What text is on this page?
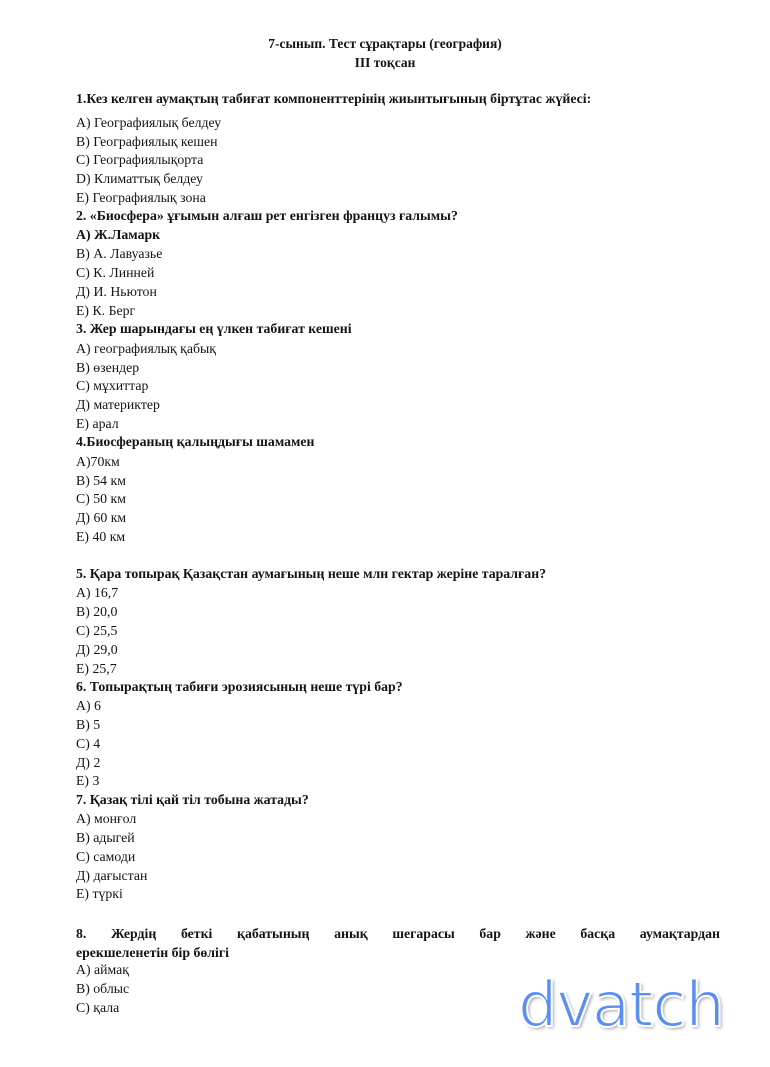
7-сынып. Тест сұрақтары (география)
ІІІ тоқсан
1.Кез келген аумақтың табиғат компоненттерінің жиынтығының біртұтас жүйесі:
А) Географиялық белдеу
В) Географиялық кешен
С) Географиялықорта
D) Климаттық белдеу
Е) Географиялық зона
2. «Биосфера» ұғымын алғаш рет енгізген француз ғалымы?
А) Ж.Ламарк
В) А. Лавуазье
С) К. Линней
Д) И. Ньютон
Е) К. Берг
3. Жер шарындағы ең үлкен табиғат кешені
А) географиялық қабық
В) өзендер
С) мұхиттар
Д) материктер
Е) арал
4.Биосфераның қалыңдығы шамамен
А)70км
В) 54 км
С) 50 км
Д) 60 км
Е) 40 км
5. Қара топырақ Қазақстан аумағының неше млн гектар жеріне таралған?
А) 16,7
В) 20,0
С) 25,5
Д) 29,0
Е) 25,7
6. Топырақтың табиғи эрозиясының неше түрі бар?
А) 6
В) 5
С) 4
Д) 2
Е) 3
7. Қазақ тілі қай тіл тобына жатады?
А) монғол
В) адыгей
С) самоди
Д) дағыстан
Е) түркі
8. Жердің беткі қабатының анық шегарасы бар және басқа аумақтардан
ерекшеленетін бір бөлігі
А) аймақ
В) облыс
С) қала	dvatch
